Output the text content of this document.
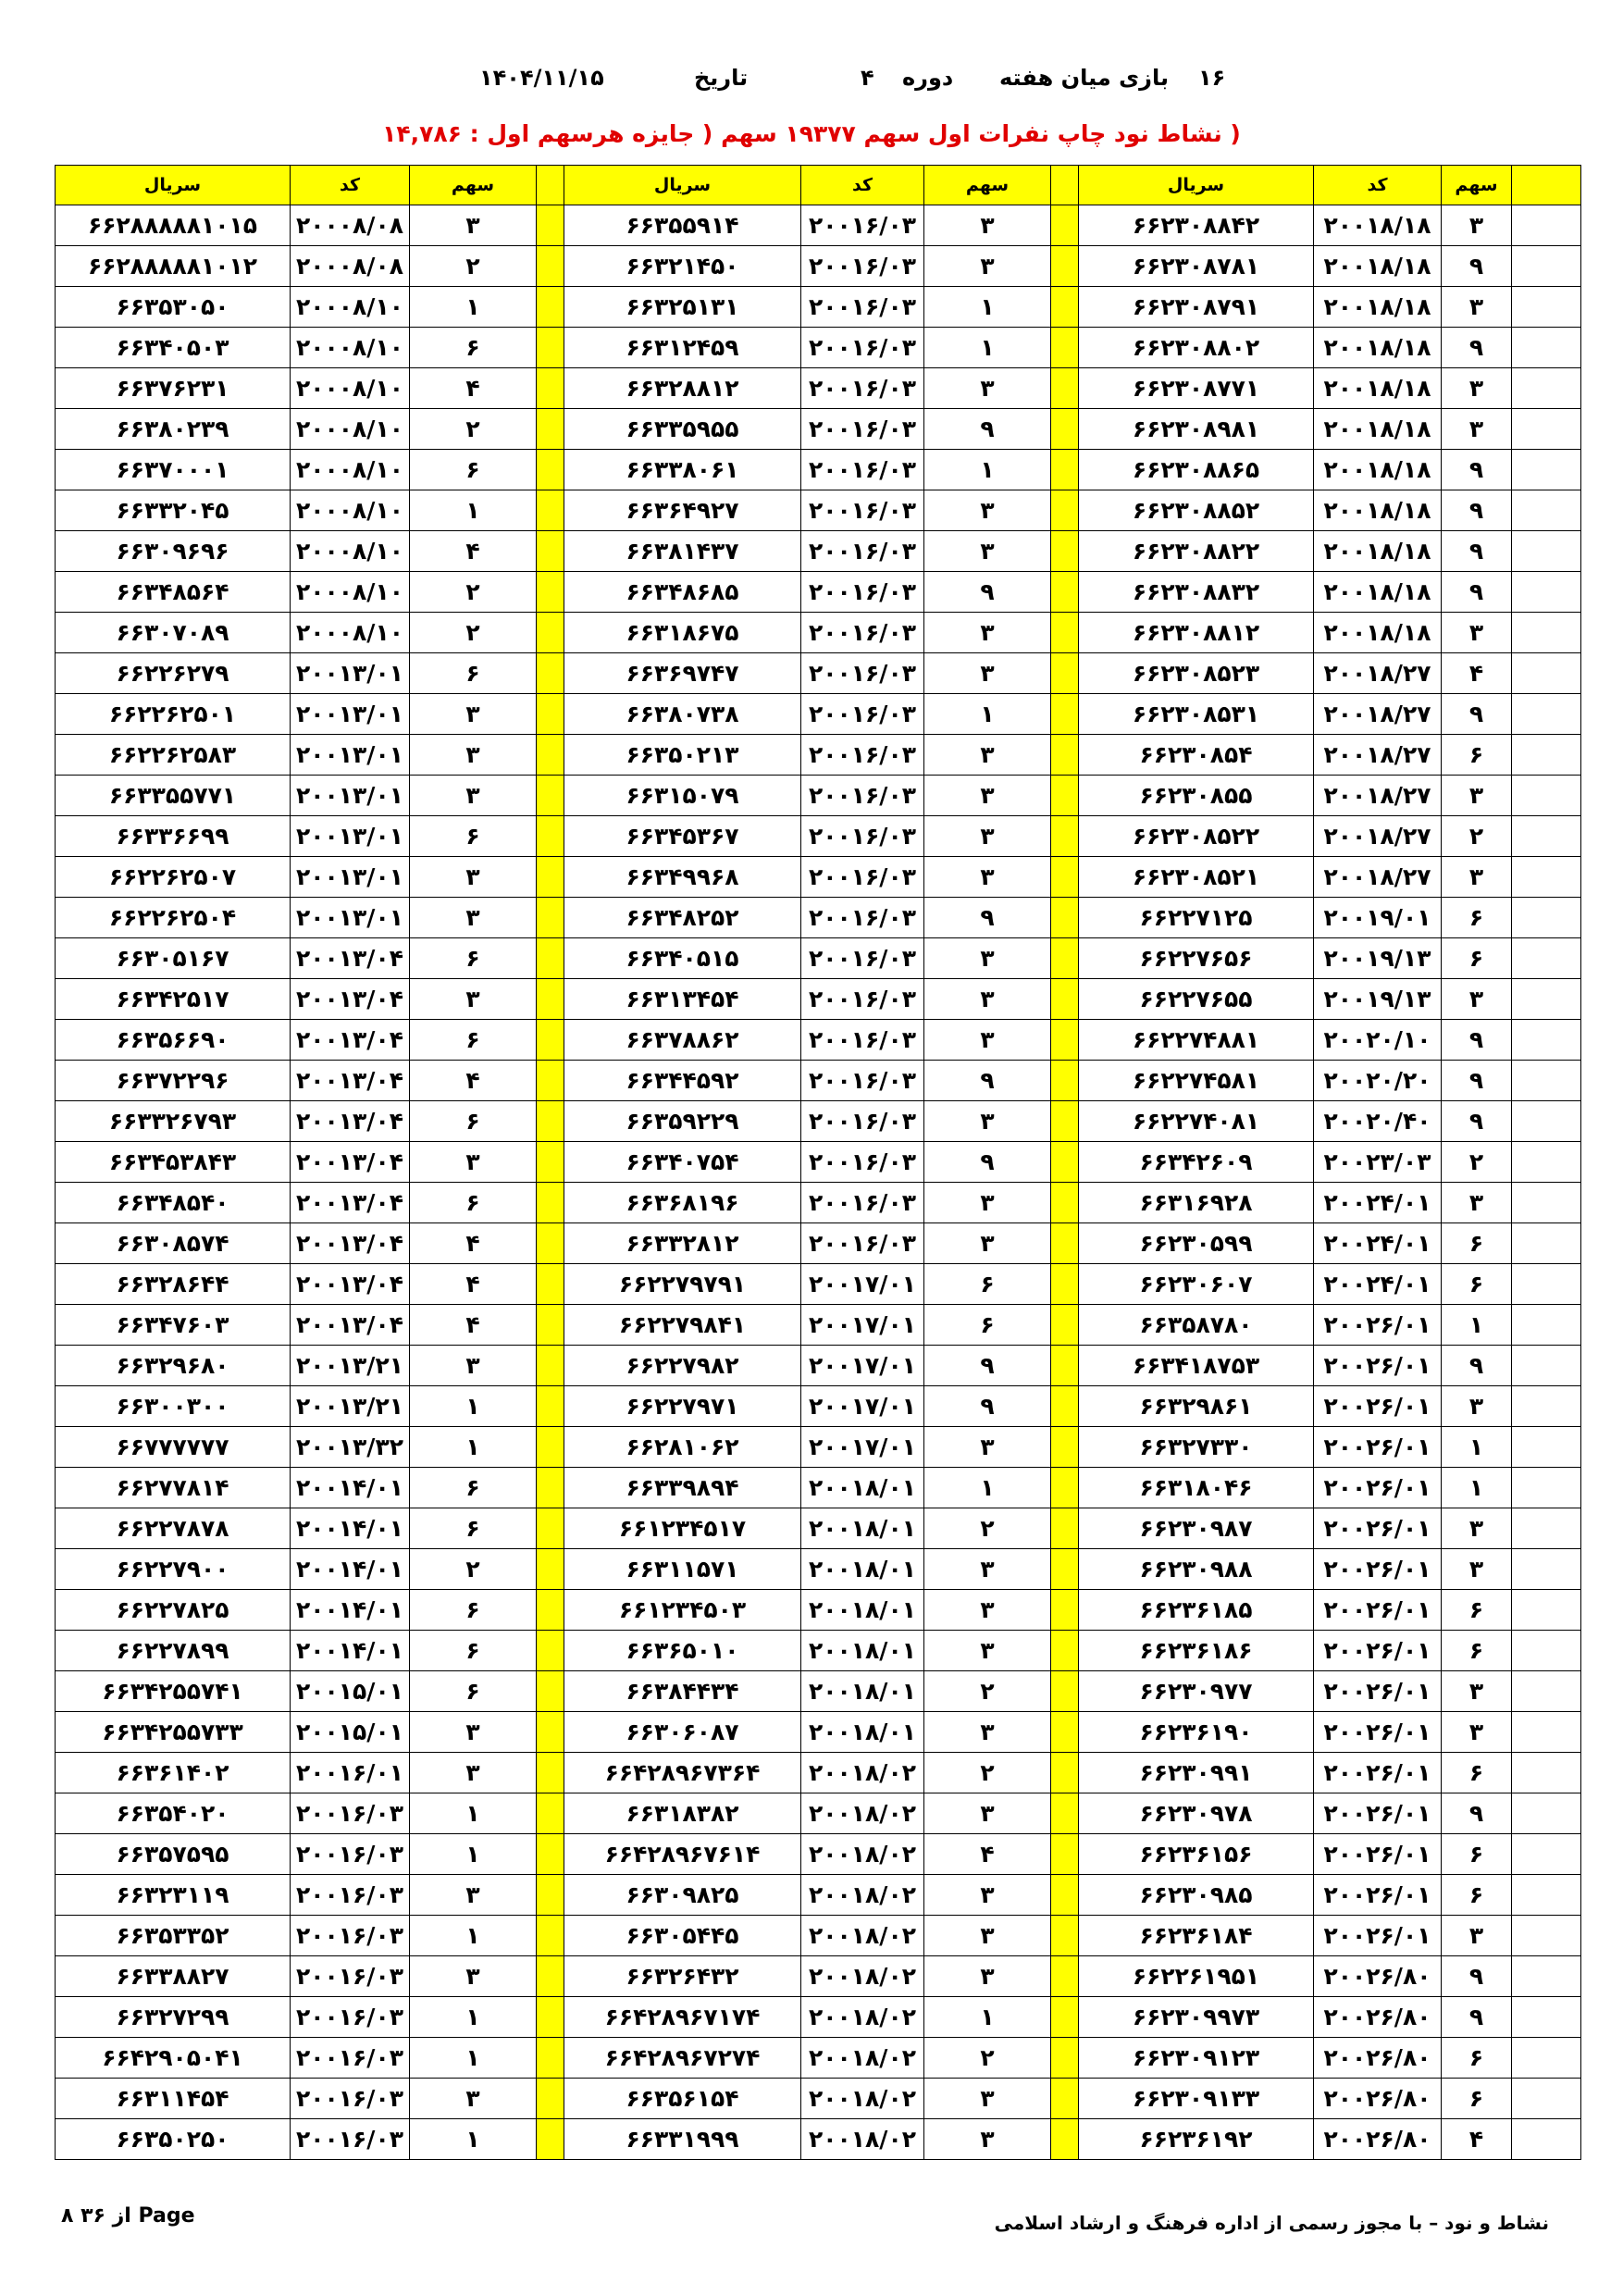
۱۶
بازی میان هفته
دوره
۴
تاریخ
۱۴۰۴/۱۱/۱۵
( نشاط نود چاپ نفرات اول سهم ۱۹۳۷۷ سهم ( جایزه هرسهم اول : ۱۴,۷۸۶
سریال	کد	سهم		سریال	کد	سهم		سریال	کد	سهم	
۶۶۲۸۸۸۸۸۱۰۱۵	۲۰۰۰۸/۰۸	۳		۶۶۳۵۵۹۱۴	۲۰۰۱۶/۰۳	۳		۶۶۲۳۰۸۸۴۲	۲۰۰۱۸/۱۸	۳	
۶۶۲۸۸۸۸۸۱۰۱۲	۲۰۰۰۸/۰۸	۲		۶۶۳۲۱۴۵۰	۲۰۰۱۶/۰۳	۳		۶۶۲۳۰۸۷۸۱	۲۰۰۱۸/۱۸	۹	
۶۶۳۵۳۰۵۰	۲۰۰۰۸/۱۰	۱		۶۶۳۲۵۱۳۱	۲۰۰۱۶/۰۳	۱		۶۶۲۳۰۸۷۹۱	۲۰۰۱۸/۱۸	۳	
۶۶۳۴۰۵۰۳	۲۰۰۰۸/۱۰	۶		۶۶۳۱۲۴۵۹	۲۰۰۱۶/۰۳	۱		۶۶۲۳۰۸۸۰۲	۲۰۰۱۸/۱۸	۹	
۶۶۳۷۶۲۳۱	۲۰۰۰۸/۱۰	۴		۶۶۳۲۸۸۱۲	۲۰۰۱۶/۰۳	۳		۶۶۲۳۰۸۷۷۱	۲۰۰۱۸/۱۸	۳	
۶۶۳۸۰۲۳۹	۲۰۰۰۸/۱۰	۲		۶۶۳۳۵۹۵۵	۲۰۰۱۶/۰۳	۹		۶۶۲۳۰۸۹۸۱	۲۰۰۱۸/۱۸	۳	
۶۶۳۷۰۰۰۱	۲۰۰۰۸/۱۰	۶		۶۶۳۳۸۰۶۱	۲۰۰۱۶/۰۳	۱		۶۶۲۳۰۸۸۶۵	۲۰۰۱۸/۱۸	۹	
۶۶۳۳۲۰۴۵	۲۰۰۰۸/۱۰	۱		۶۶۳۶۴۹۲۷	۲۰۰۱۶/۰۳	۳		۶۶۲۳۰۸۸۵۲	۲۰۰۱۸/۱۸	۹	
۶۶۳۰۹۶۹۶	۲۰۰۰۸/۱۰	۴		۶۶۳۸۱۴۳۷	۲۰۰۱۶/۰۳	۳		۶۶۲۳۰۸۸۲۲	۲۰۰۱۸/۱۸	۹	
۶۶۳۴۸۵۶۴	۲۰۰۰۸/۱۰	۲		۶۶۳۴۸۶۸۵	۲۰۰۱۶/۰۳	۹		۶۶۲۳۰۸۸۳۲	۲۰۰۱۸/۱۸	۹	
۶۶۳۰۷۰۸۹	۲۰۰۰۸/۱۰	۲		۶۶۳۱۸۶۷۵	۲۰۰۱۶/۰۳	۳		۶۶۲۳۰۸۸۱۲	۲۰۰۱۸/۱۸	۳	
۶۶۲۲۶۲۷۹	۲۰۰۱۳/۰۱	۶		۶۶۳۶۹۷۴۷	۲۰۰۱۶/۰۳	۳		۶۶۲۳۰۸۵۲۳	۲۰۰۱۸/۲۷	۴	
۶۶۲۲۶۲۵۰۱	۲۰۰۱۳/۰۱	۳		۶۶۳۸۰۷۳۸	۲۰۰۱۶/۰۳	۱		۶۶۲۳۰۸۵۳۱	۲۰۰۱۸/۲۷	۹	
۶۶۲۲۶۲۵۸۳	۲۰۰۱۳/۰۱	۳		۶۶۳۵۰۲۱۳	۲۰۰۱۶/۰۳	۳		۶۶۲۳۰۸۵۴	۲۰۰۱۸/۲۷	۶	
۶۶۳۳۵۵۷۷۱	۲۰۰۱۳/۰۱	۳		۶۶۳۱۵۰۷۹	۲۰۰۱۶/۰۳	۳		۶۶۲۳۰۸۵۵	۲۰۰۱۸/۲۷	۳	
۶۶۳۳۶۶۹۹	۲۰۰۱۳/۰۱	۶		۶۶۳۴۵۳۶۷	۲۰۰۱۶/۰۳	۳		۶۶۲۳۰۸۵۲۲	۲۰۰۱۸/۲۷	۲	
۶۶۲۲۶۲۵۰۷	۲۰۰۱۳/۰۱	۳		۶۶۳۴۹۹۶۸	۲۰۰۱۶/۰۳	۳		۶۶۲۳۰۸۵۲۱	۲۰۰۱۸/۲۷	۳	
۶۶۲۲۶۲۵۰۴	۲۰۰۱۳/۰۱	۳		۶۶۳۴۸۲۵۲	۲۰۰۱۶/۰۳	۹		۶۶۲۲۷۱۲۵	۲۰۰۱۹/۰۱	۶	
۶۶۳۰۵۱۶۷	۲۰۰۱۳/۰۴	۶		۶۶۳۴۰۵۱۵	۲۰۰۱۶/۰۳	۳		۶۶۲۲۷۶۵۶	۲۰۰۱۹/۱۳	۶	
۶۶۳۴۲۵۱۷	۲۰۰۱۳/۰۴	۳		۶۶۳۱۳۴۵۴	۲۰۰۱۶/۰۳	۳		۶۶۲۲۷۶۵۵	۲۰۰۱۹/۱۳	۳	
۶۶۳۵۶۶۹۰	۲۰۰۱۳/۰۴	۶		۶۶۳۷۸۸۶۲	۲۰۰۱۶/۰۳	۳		۶۶۲۲۷۴۸۸۱	۲۰۰۲۰/۱۰	۹	
۶۶۳۷۲۲۹۶	۲۰۰۱۳/۰۴	۴		۶۶۳۴۴۵۹۲	۲۰۰۱۶/۰۳	۹		۶۶۲۲۷۴۵۸۱	۲۰۰۲۰/۲۰	۹	
۶۶۳۳۲۶۷۹۳	۲۰۰۱۳/۰۴	۶		۶۶۳۵۹۲۲۹	۲۰۰۱۶/۰۳	۳		۶۶۲۲۷۴۰۸۱	۲۰۰۲۰/۴۰	۹	
۶۶۳۴۵۳۸۴۳	۲۰۰۱۳/۰۴	۳		۶۶۳۴۰۷۵۴	۲۰۰۱۶/۰۳	۹		۶۶۳۴۲۶۰۹	۲۰۰۲۳/۰۳	۲	
۶۶۳۴۸۵۴۰	۲۰۰۱۳/۰۴	۶		۶۶۳۶۸۱۹۶	۲۰۰۱۶/۰۳	۳		۶۶۳۱۶۹۲۸	۲۰۰۲۴/۰۱	۳	
۶۶۳۰۸۵۷۴	۲۰۰۱۳/۰۴	۴		۶۶۳۳۲۸۱۲	۲۰۰۱۶/۰۳	۳		۶۶۲۳۰۵۹۹	۲۰۰۲۴/۰۱	۶	
۶۶۳۲۸۶۴۴	۲۰۰۱۳/۰۴	۴		۶۶۲۲۷۹۷۹۱	۲۰۰۱۷/۰۱	۶		۶۶۲۳۰۶۰۷	۲۰۰۲۴/۰۱	۶	
۶۶۳۴۷۶۰۳	۲۰۰۱۳/۰۴	۴		۶۶۲۲۷۹۸۴۱	۲۰۰۱۷/۰۱	۶		۶۶۳۵۸۷۸۰	۲۰۰۲۶/۰۱	۱	
۶۶۳۲۹۶۸۰	۲۰۰۱۳/۲۱	۳		۶۶۲۲۷۹۸۲	۲۰۰۱۷/۰۱	۹		۶۶۳۴۱۸۷۵۳	۲۰۰۲۶/۰۱	۹	
۶۶۳۰۰۳۰۰	۲۰۰۱۳/۲۱	۱		۶۶۲۲۷۹۷۱	۲۰۰۱۷/۰۱	۹		۶۶۳۲۹۸۶۱	۲۰۰۲۶/۰۱	۳	
۶۶۷۷۷۷۷۷	۲۰۰۱۳/۳۲	۱		۶۶۲۸۱۰۶۲	۲۰۰۱۷/۰۱	۳		۶۶۳۲۷۳۳۰	۲۰۰۲۶/۰۱	۱	
۶۶۲۷۷۸۱۴	۲۰۰۱۴/۰۱	۶		۶۶۳۳۹۸۹۴	۲۰۰۱۸/۰۱	۱		۶۶۳۱۸۰۴۶	۲۰۰۲۶/۰۱	۱	
۶۶۲۲۷۸۷۸	۲۰۰۱۴/۰۱	۶		۶۶۱۲۳۴۵۱۷	۲۰۰۱۸/۰۱	۲		۶۶۲۳۰۹۸۷	۲۰۰۲۶/۰۱	۳	
۶۶۲۲۷۹۰۰	۲۰۰۱۴/۰۱	۲		۶۶۳۱۱۵۷۱	۲۰۰۱۸/۰۱	۳		۶۶۲۳۰۹۸۸	۲۰۰۲۶/۰۱	۳	
۶۶۲۲۷۸۲۵	۲۰۰۱۴/۰۱	۶		۶۶۱۲۳۴۵۰۳	۲۰۰۱۸/۰۱	۳		۶۶۲۳۶۱۸۵	۲۰۰۲۶/۰۱	۶	
۶۶۲۲۷۸۹۹	۲۰۰۱۴/۰۱	۶		۶۶۳۶۵۰۱۰	۲۰۰۱۸/۰۱	۳		۶۶۲۳۶۱۸۶	۲۰۰۲۶/۰۱	۶	
۶۶۳۴۲۵۵۷۴۱	۲۰۰۱۵/۰۱	۶		۶۶۳۸۴۴۳۴	۲۰۰۱۸/۰۱	۲		۶۶۲۳۰۹۷۷	۲۰۰۲۶/۰۱	۳	
۶۶۳۴۲۵۵۷۳۳	۲۰۰۱۵/۰۱	۳		۶۶۳۰۶۰۸۷	۲۰۰۱۸/۰۱	۳		۶۶۲۳۶۱۹۰	۲۰۰۲۶/۰۱	۳	
۶۶۳۶۱۴۰۲	۲۰۰۱۶/۰۱	۳		۶۶۴۲۸۹۶۷۳۶۴	۲۰۰۱۸/۰۲	۲		۶۶۲۳۰۹۹۱	۲۰۰۲۶/۰۱	۶	
۶۶۳۵۴۰۲۰	۲۰۰۱۶/۰۳	۱		۶۶۳۱۸۳۸۲	۲۰۰۱۸/۰۲	۳		۶۶۲۳۰۹۷۸	۲۰۰۲۶/۰۱	۹	
۶۶۳۵۷۵۹۵	۲۰۰۱۶/۰۳	۱		۶۶۴۲۸۹۶۷۶۱۴	۲۰۰۱۸/۰۲	۴		۶۶۲۳۶۱۵۶	۲۰۰۲۶/۰۱	۶	
۶۶۳۲۳۱۱۹	۲۰۰۱۶/۰۳	۳		۶۶۳۰۹۸۲۵	۲۰۰۱۸/۰۲	۳		۶۶۲۳۰۹۸۵	۲۰۰۲۶/۰۱	۶	
۶۶۳۵۳۳۵۲	۲۰۰۱۶/۰۳	۱		۶۶۳۰۵۴۴۵	۲۰۰۱۸/۰۲	۳		۶۶۲۳۶۱۸۴	۲۰۰۲۶/۰۱	۳	
۶۶۳۳۸۸۲۷	۲۰۰۱۶/۰۳	۳		۶۶۳۲۶۴۳۲	۲۰۰۱۸/۰۲	۳		۶۶۲۲۶۱۹۵۱	۲۰۰۲۶/۸۰	۹	
۶۶۳۲۷۲۹۹	۲۰۰۱۶/۰۳	۱		۶۶۴۲۸۹۶۷۱۷۴	۲۰۰۱۸/۰۲	۱		۶۶۲۳۰۹۹۷۳	۲۰۰۲۶/۸۰	۹	
۶۶۴۲۹۰۵۰۴۱	۲۰۰۱۶/۰۳	۱		۶۶۴۲۸۹۶۷۲۷۴	۲۰۰۱۸/۰۲	۲		۶۶۲۳۰۹۱۲۳	۲۰۰۲۶/۸۰	۶	
۶۶۳۱۱۴۵۴	۲۰۰۱۶/۰۳	۳		۶۶۳۵۶۱۵۴	۲۰۰۱۸/۰۲	۳		۶۶۲۳۰۹۱۳۳	۲۰۰۲۶/۸۰	۶	
۶۶۳۵۰۲۵۰	۲۰۰۱۶/۰۳	۱		۶۶۳۳۱۹۹۹	۲۰۰۱۸/۰۲	۳		۶۶۲۳۶۱۹۲	۲۰۰۲۶/۸۰	۴	
از ۳۶ ۸ Page	نشاط و نود – با مجوز رسمی از اداره فرهنگ و ارشاد اسلامی
